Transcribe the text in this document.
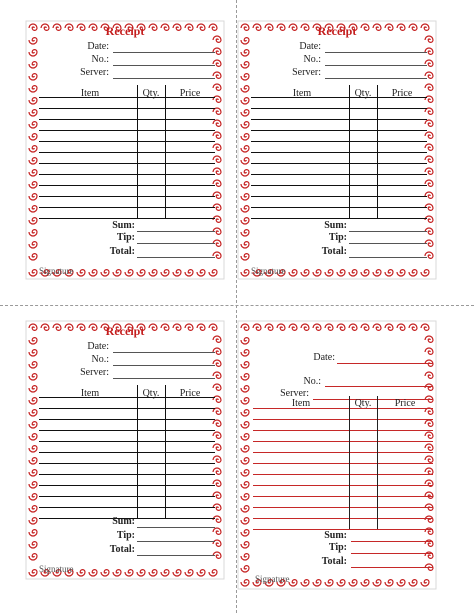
Receipt
Date:
No.:
Server:
Item	Qty.	Price
Sum:
Tip:
Total:
Signature
Receipt
Date:
No.:
Server:
Item	Qty.	Price
Sum:
Tip:
Total:
Signature
Receipt
Date:
No.:
Server:
Item	Qty.	Price
Sum:
Tip:
Total:
Signature
Date:
No.:
Server:
Item	Qty.	Price
Sum:
Tip:
Total:
Signature
